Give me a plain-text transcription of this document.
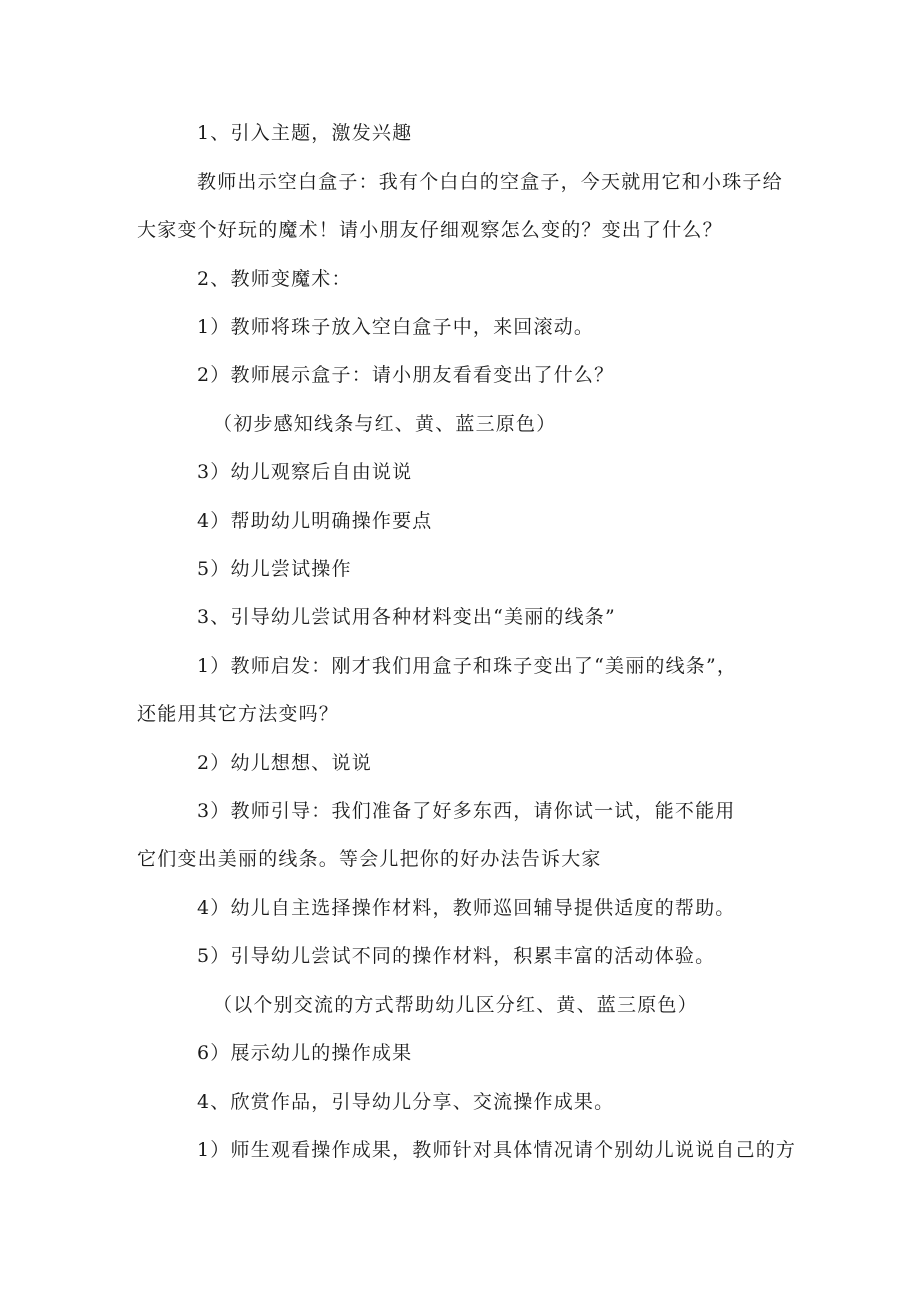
1、引入主题，激发兴趣
教师出示空白盒子：我有个白白的空盒子，今天就用它和小珠子给
大家变个好玩的魔术！请小朋友仔细观察怎么变的？变出了什么？
2、教师变魔术：
1）教师将珠子放入空白盒子中，来回滚动。
2）教师展示盒子：请小朋友看看变出了什么？
（初步感知线条与红、黄、蓝三原色）
3）幼儿观察后自由说说
4）帮助幼儿明确操作要点
5）幼儿尝试操作
3、引导幼儿尝试用各种材料变出“美丽的线条”
1）教师启发：刚才我们用盒子和珠子变出了“美丽的线条”，
还能用其它方法变吗？
2）幼儿想想、说说
3）教师引导：我们准备了好多东西，请你试一试，能不能用
它们变出美丽的线条。等会儿把你的好办法告诉大家
4）幼儿自主选择操作材料，教师巡回辅导提供适度的帮助。
5）引导幼儿尝试不同的操作材料，积累丰富的活动体验。
（以个别交流的方式帮助幼儿区分红、黄、蓝三原色）
6）展示幼儿的操作成果
4、欣赏作品，引导幼儿分享、交流操作成果。
1）师生观看操作成果，教师针对具体情况请个别幼儿说说自己的方
